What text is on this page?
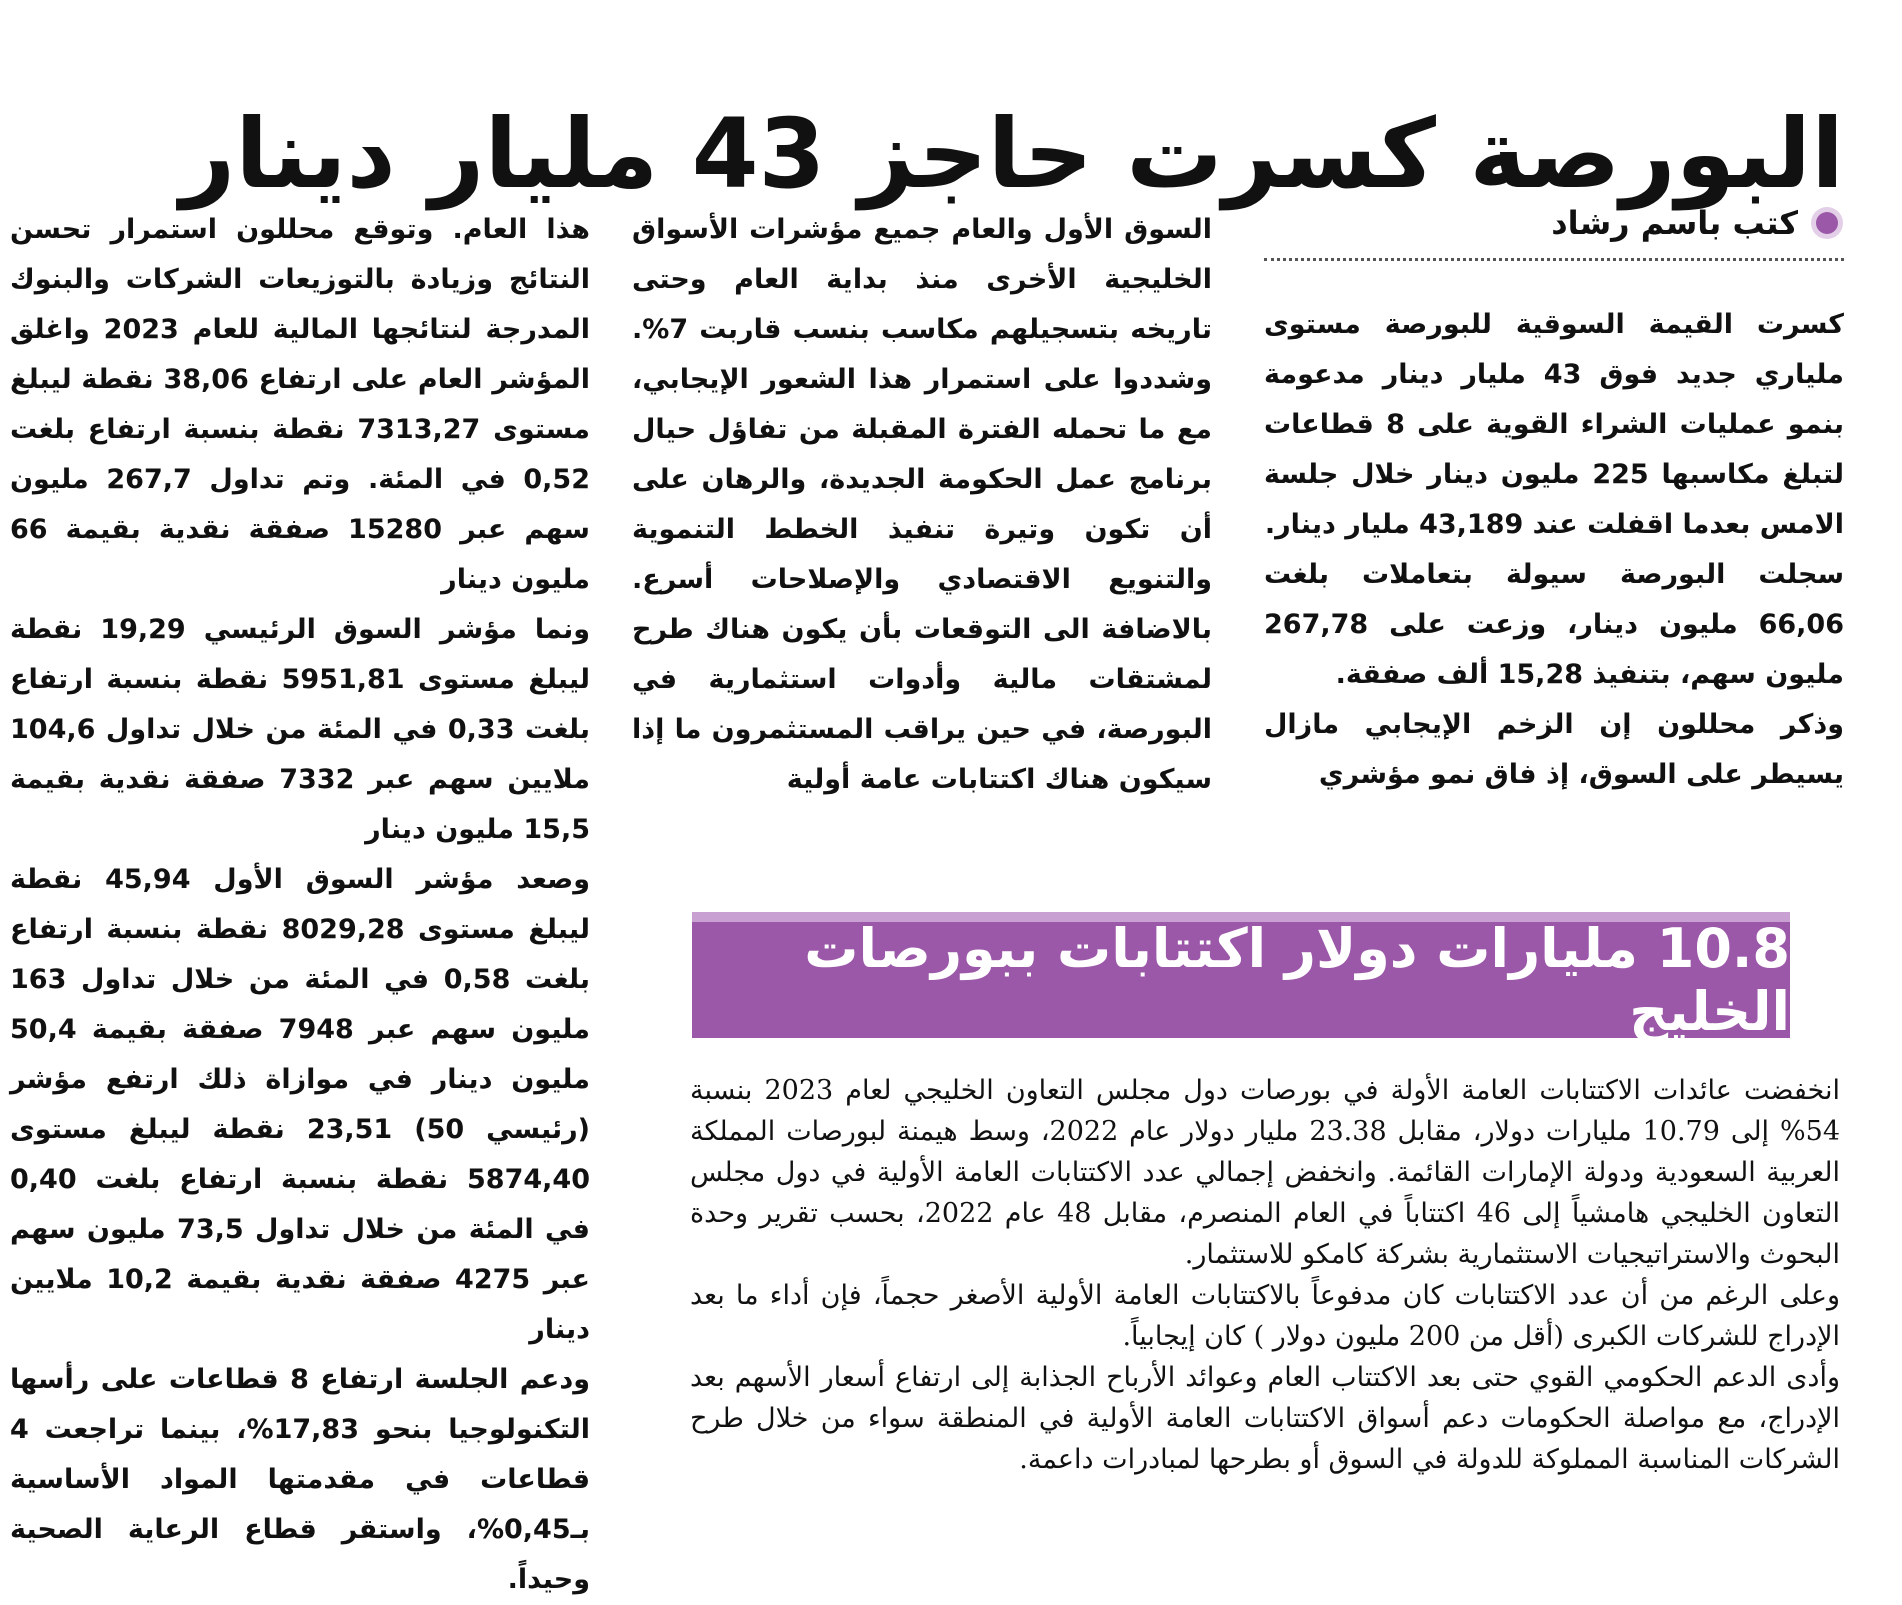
البورصة كسرت حاجز 43 مليار دينار
كتب باسم رشاد

كسرت القيمة السوقية للبورصة مستوى ملياري جديد فوق 43 مليار دينار مدعومة بنمو عمليات الشراء القوية على 8 قطاعات لتبلغ مكاسبها 225 مليون دينار خلال جلسة الامس بعدما اقفلت عند 43,189 مليار دينار.

سجلت البورصة سيولة بتعاملات بلغت 66,06 مليون دينار، وزعت على 267,78 مليون سهم، بتنفيذ 15,28 ألف صفقة.

وذكر محللون إن الزخم الإيجابي مازال يسيطر على السوق، إذ فاق نمو مؤشري

السوق الأول والعام جميع مؤشرات الأسواق الخليجية الأخرى منذ بداية العام وحتى تاريخه بتسجيلهم مكاسب بنسب قاربت 7%. وشددوا على استمرار هذا الشعور الإيجابي، مع ما تحمله الفترة المقبلة من تفاؤل حيال برنامج عمل الحكومة الجديدة، والرهان على أن تكون وتيرة تنفيذ الخطط التنموية والتنويع الاقتصادي والإصلاحات أسرع. بالاضافة الى التوقعات بأن يكون هناك طرح لمشتقات مالية وأدوات استثمارية في البورصة، في حين يراقب المستثمرون ما إذا سيكون هناك اكتتابات عامة أولية

هذا العام. وتوقع محللون استمرار تحسن النتائج وزيادة بالتوزيعات الشركات والبنوك المدرجة لنتائجها المالية للعام 2023 واغلق المؤشر العام على ارتفاع 38,06 نقطة ليبلغ مستوى 7313,27 نقطة بنسبة ارتفاع بلغت 0,52 في المئة. وتم تداول 267,7 مليون سهم عبر 15280 صفقة نقدية بقيمة 66 مليون دينار

ونما مؤشر السوق الرئيسي 19,29 نقطة ليبلغ مستوى 5951,81 نقطة بنسبة ارتفاع بلغت 0,33 في المئة من خلال تداول 104,6 ملايين سهم عبر 7332 صفقة نقدية بقيمة 15,5 مليون دينار

وصعد مؤشر السوق الأول 45,94 نقطة ليبلغ مستوى 8029,28 نقطة بنسبة ارتفاع بلغت 0,58 في المئة من خلال تداول 163 مليون سهم عبر 7948 صفقة بقيمة 50,4 مليون دينار في موازاة ذلك ارتفع مؤشر (رئيسي 50) 23,51 نقطة ليبلغ مستوى 5874,40 نقطة بنسبة ارتفاع بلغت 0,40 في المئة من خلال تداول 73,5 مليون سهم عبر 4275 صفقة نقدية بقيمة 10,2 ملايين دينار

ودعم الجلسة ارتفاع 8 قطاعات على رأسها التكنولوجيا بنحو 17,83%، بينما تراجعت 4 قطاعات في مقدمتها المواد الأساسية بـ0,45%، واستقر قطاع الرعاية الصحية وحيداً.

10.8 مليارات دولار اكتتابات ببورصات الخليج

انخفضت عائدات الاكتتابات العامة الأولة في بورصات دول مجلس التعاون الخليجي لعام 2023 بنسبة 54% إلى 10.79 مليارات دولار، مقابل 23.38 مليار دولار عام 2022، وسط هيمنة لبورصات المملكة العربية السعودية ودولة الإمارات القائمة. وانخفض إجمالي عدد الاكتتابات العامة الأولية في دول مجلس التعاون الخليجي هامشياً إلى 46 اكتتاباً في العام المنصرم، مقابل 48 عام 2022، بحسب تقرير وحدة البحوث والاستراتيجيات الاستثمارية بشركة كامكو للاستثمار.

وعلى الرغم من أن عدد الاكتتابات كان مدفوعاً بالاكتتابات العامة الأولية الأصغر حجماً، فإن أداء ما بعد الإدراج للشركات الكبرى (أقل من 200 مليون دولار ) كان إيجابياً.

وأدى الدعم الحكومي القوي حتى بعد الاكتتاب العام وعوائد الأرباح الجذابة إلى ارتفاع أسعار الأسهم بعد الإدراج، مع مواصلة الحكومات دعم أسواق الاكتتابات العامة الأولية في المنطقة سواء من خلال طرح الشركات المناسبة المملوكة للدولة في السوق أو بطرحها لمبادرات داعمة.
